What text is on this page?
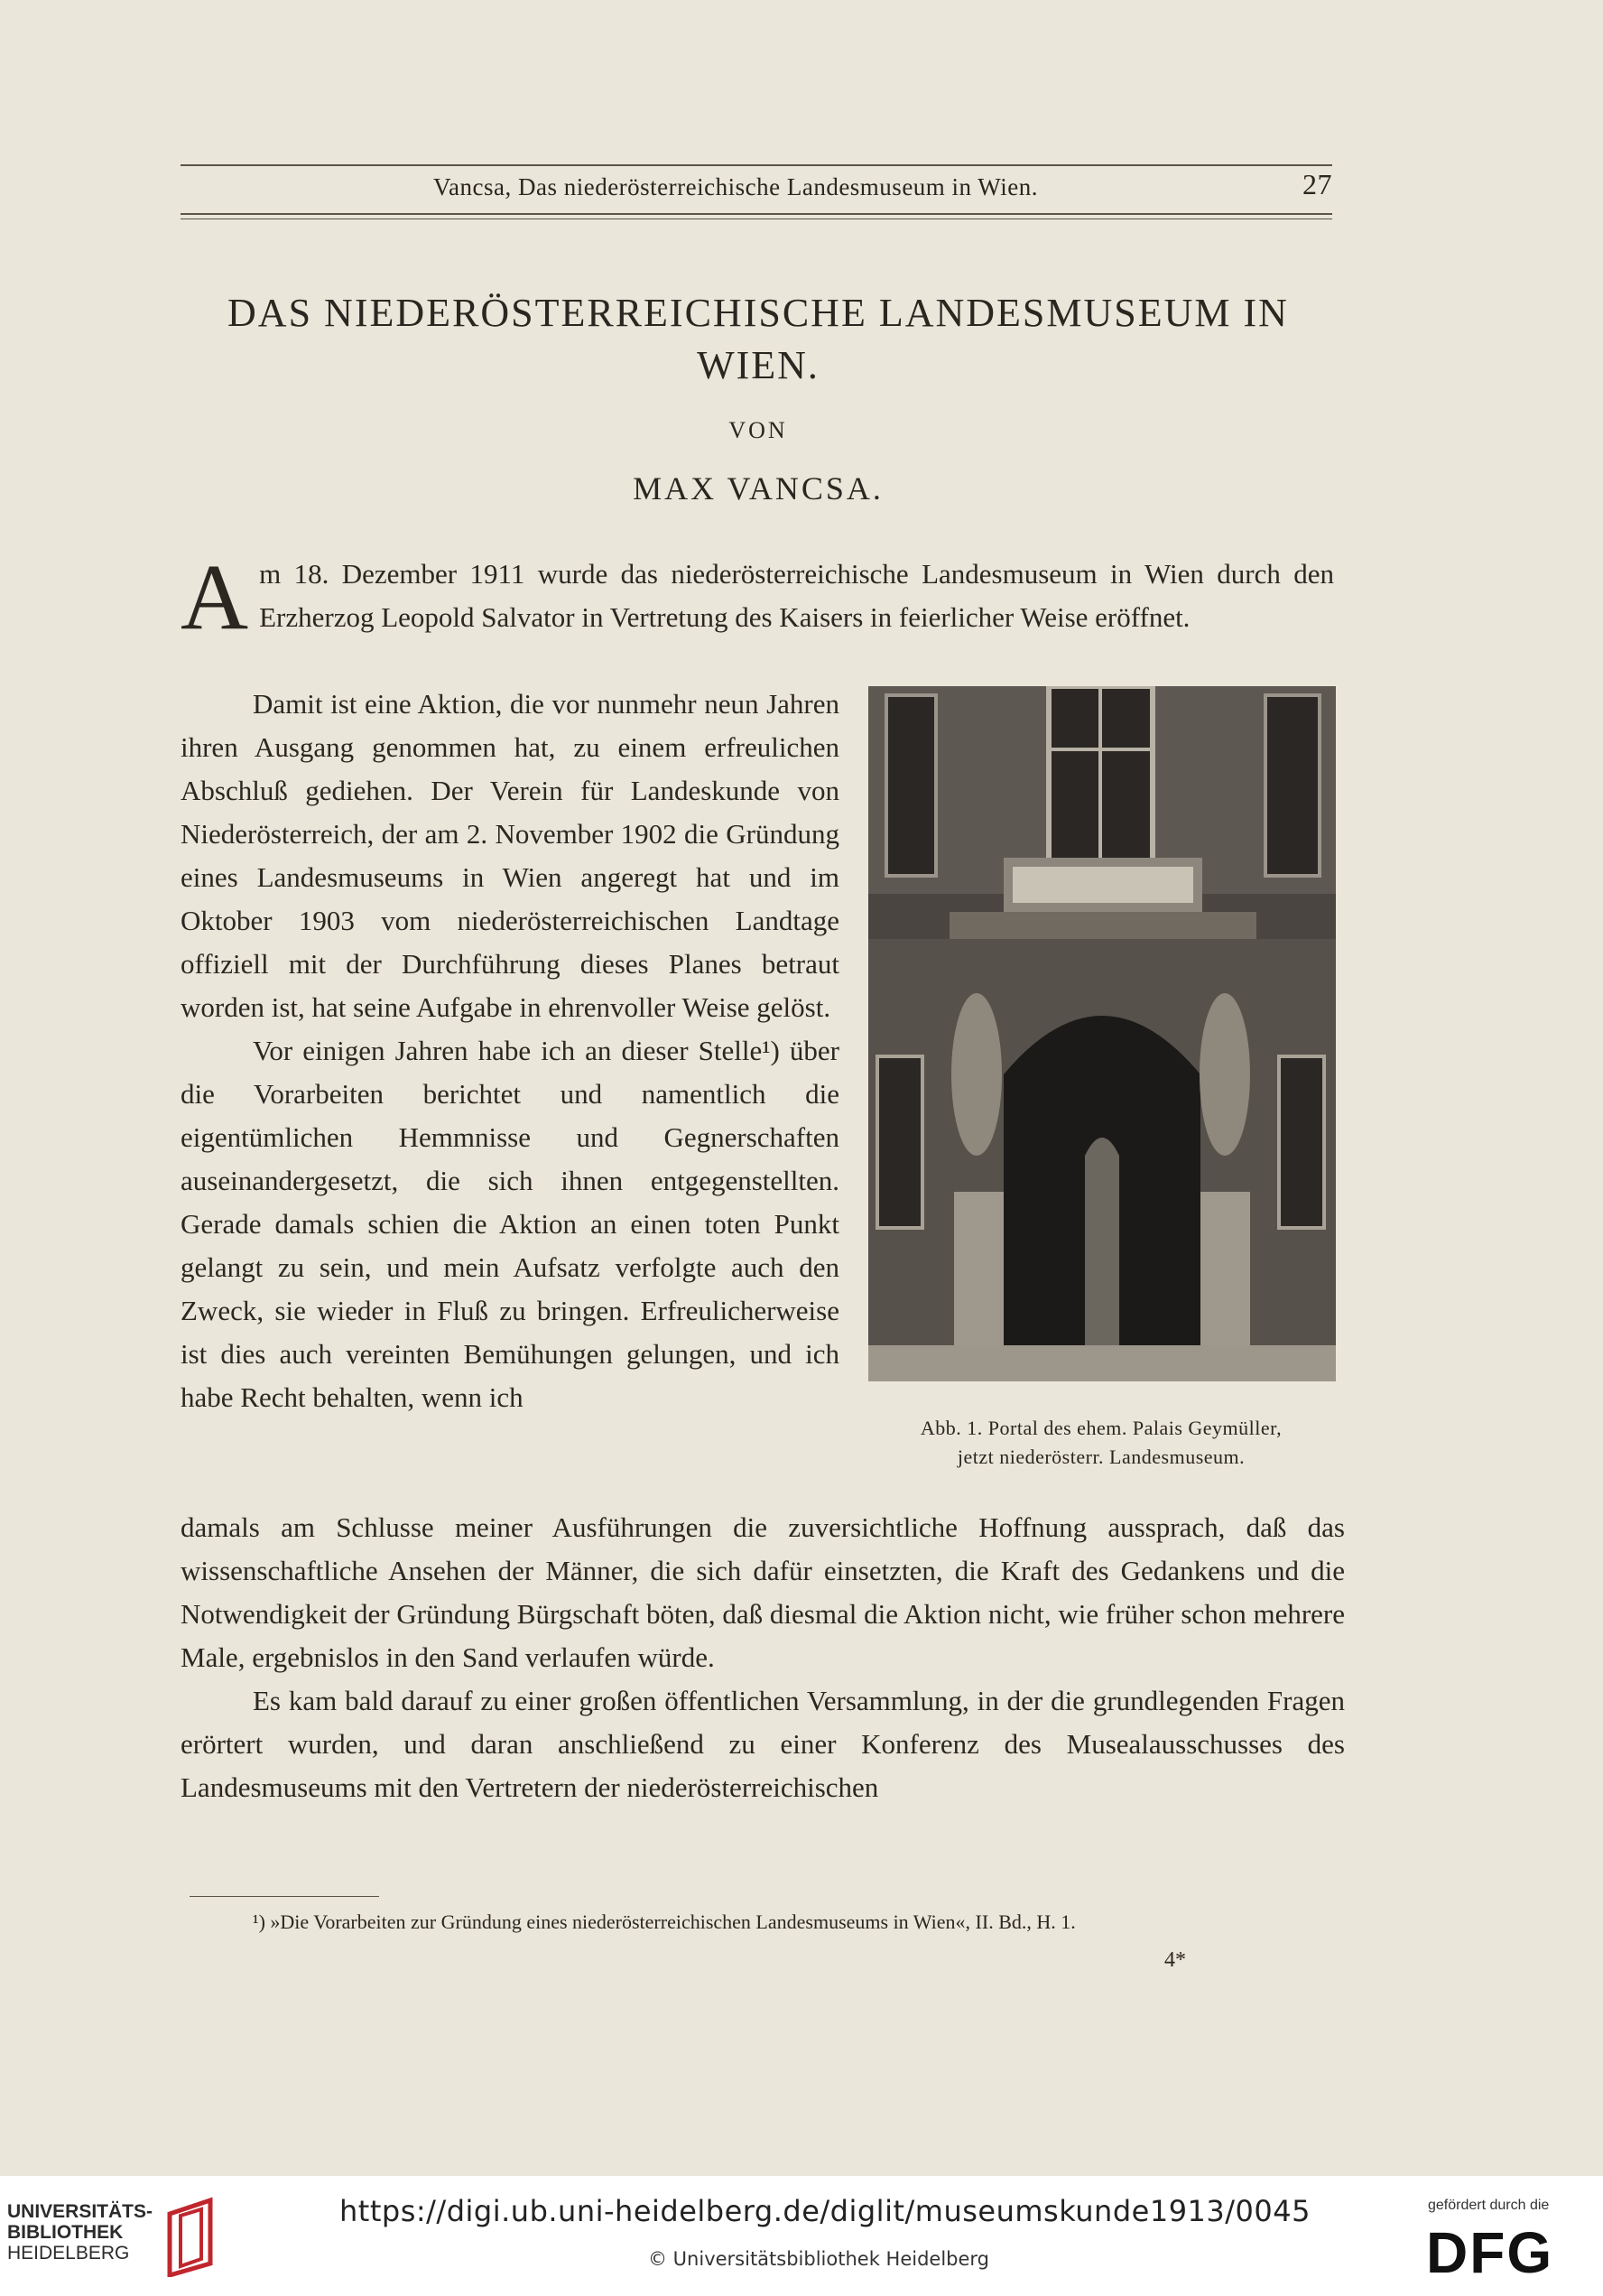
Vancsa, Das niederösterreichische Landesmuseum in Wien.	27
DAS NIEDERÖSTERREICHISCHE LANDESMUSEUM IN WIEN.
VON
MAX VANCSA.

Am 18. Dezember 1911 wurde das niederösterreichische Landesmuseum in Wien durch den Erzherzog Leopold Salvator in Vertretung des Kaisers in feierlicher Weise eröffnet.

Damit ist eine Aktion, die vor nunmehr neun Jahren ihren Ausgang genommen hat, zu einem erfreulichen Abschluß gediehen. Der Verein für Landeskunde von Niederösterreich, der am 2. November 1902 die Gründung eines Landesmuseums in Wien angeregt hat und im Oktober 1903 vom niederösterreichischen Landtage offiziell mit der Durchführung dieses Planes betraut worden ist, hat seine Aufgabe in ehrenvoller Weise gelöst.

Vor einigen Jahren habe ich an dieser Stelle¹) über die Vorarbeiten berichtet und namentlich die eigentümlichen Hemmnisse und Gegnerschaften auseinandergesetzt, die sich ihnen entgegenstellten. Gerade damals schien die Aktion an einen toten Punkt gelangt zu sein, und mein Aufsatz verfolgte auch den Zweck, sie wieder in Fluß zu bringen. Erfreulicherweise ist dies auch vereinten Bemühungen gelungen, und ich habe Recht behalten, wenn ich

Abb. 1. Portal des ehem. Palais Geymüller,
jetzt niederösterr. Landesmuseum.

damals am Schlusse meiner Ausführungen die zuversichtliche Hoffnung aussprach, daß das wissenschaftliche Ansehen der Männer, die sich dafür einsetzten, die Kraft des Gedankens und die Notwendigkeit der Gründung Bürgschaft böten, daß diesmal die Aktion nicht, wie früher schon mehrere Male, ergebnislos in den Sand verlaufen würde.

Es kam bald darauf zu einer großen öffentlichen Versammlung, in der die grundlegenden Fragen erörtert wurden, und daran anschließend zu einer Konferenz des Musealausschusses des Landesmuseums mit den Vertretern der niederösterreichischen

¹) »Die Vorarbeiten zur Gründung eines niederösterreichischen Landesmuseums in Wien«, II. Bd., H. 1.
4*
UNIVERSITÄTS-
BIBLIOTHEK
HEIDELBERG
https://digi.ub.uni-heidelberg.de/diglit/museumskunde1913/0045
© Universitätsbibliothek Heidelberg
gefördert durch die
DFG
